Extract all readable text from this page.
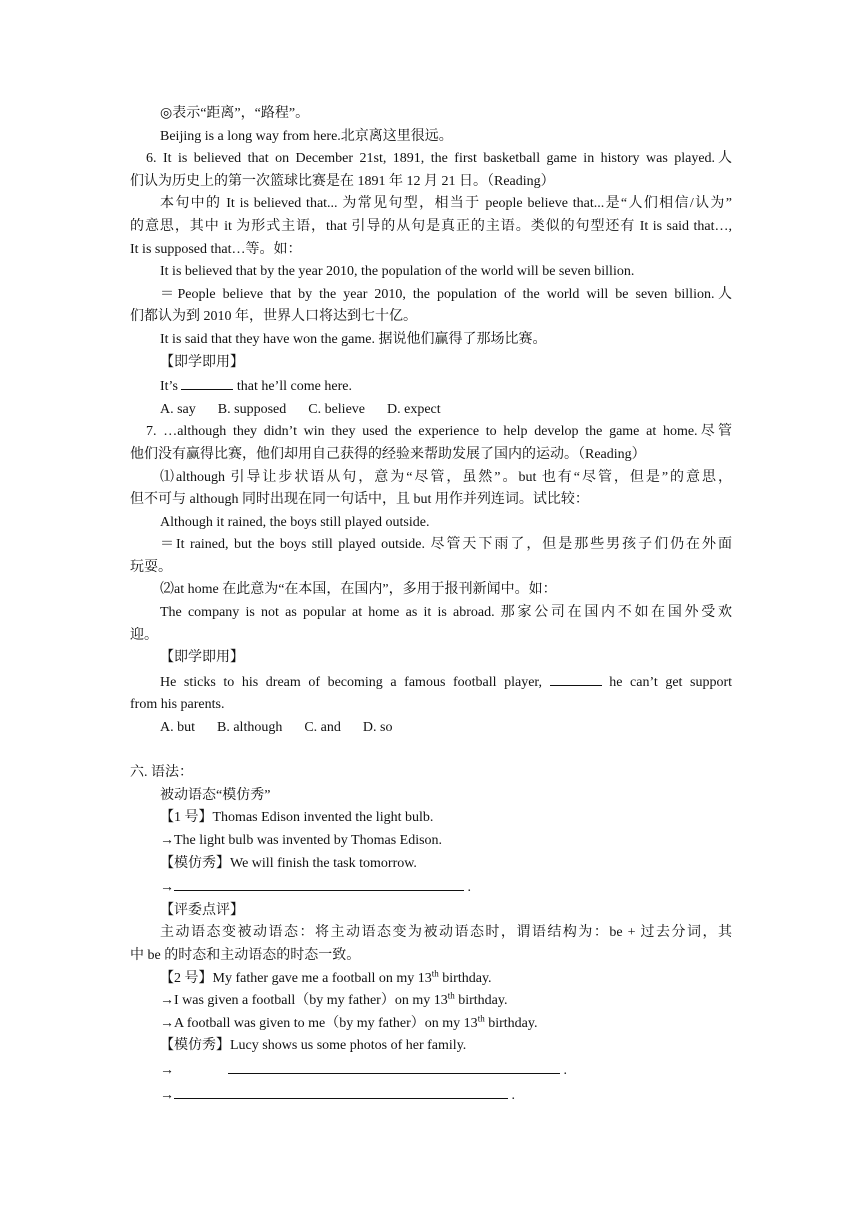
◎表示“距离”，“路程”。
Beijing is a long way from here.北京离这里很远。
6. It is believed that on December 21st, 1891, the first basketball game in history was played.人
们认为历史上的第一次篮球比赛是在 1891 年 12 月 21 日。（Reading）
本句中的 It is believed that... 为常见句型，相当于 people believe that...是“人们相信/认为”
的意思，其中 it 为形式主语，that 引导的从句是真正的主语。类似的句型还有 It is said that…,
It is supposed that…等。如：
It is believed that by the year 2010, the population of the world will be seven billion.
＝People believe that by the year 2010, the population of the world will be seven billion.人
们都认为到 2010 年，世界人口将达到七十亿。
It is said that they have won the game. 据说他们赢得了那场比赛。
【即学即用】
It’s	that he’ll come here.
A. say B. supposed C. believe D. expect
7. …although they didn’t win they used the experience to help develop the game at home.尽管
他们没有赢得比赛，他们却用自己获得的经验来帮助发展了国内的运动。（Reading）
⑴although 引导让步状语从句，意为“尽管，虽然”。but 也有“尽管，但是”的意思，
但不可与 although 同时出现在同一句话中，且 but 用作并列连词。试比较：
Although it rained, the boys still played outside.
＝It rained, but the boys still played outside. 尽管天下雨了，但是那些男孩子们仍在外面
玩耍。
⑵at home 在此意为“在本国，在国内”，多用于报刊新闻中。如：
The company is not as popular at home as it is abroad. 那家公司在国内不如在国外受欢
迎。
【即学即用】
He sticks to his dream of becoming a famous football player,	he can’t get support
from his parents.
A. but B. although C. and D. so
六. 语法：
被动语态“模仿秀”
【1 号】Thomas Edison invented the light bulb.
→The light bulb was invented by Thomas Edison.
【模仿秀】We will finish the task tomorrow.
→	.
【评委点评】
主动语态变被动语态：将主动语态变为被动语态时，谓语结构为：be + 过去分词，其
中 be 的时态和主动语态的时态一致。
【2 号】My father gave me a football on my 13th birthday.
→I was given a football（by my father）on my 13th birthday.
→A football was given to me（by my father）on my 13th birthday.
【模仿秀】Lucy shows us some photos of her family.
→	.
→	.
